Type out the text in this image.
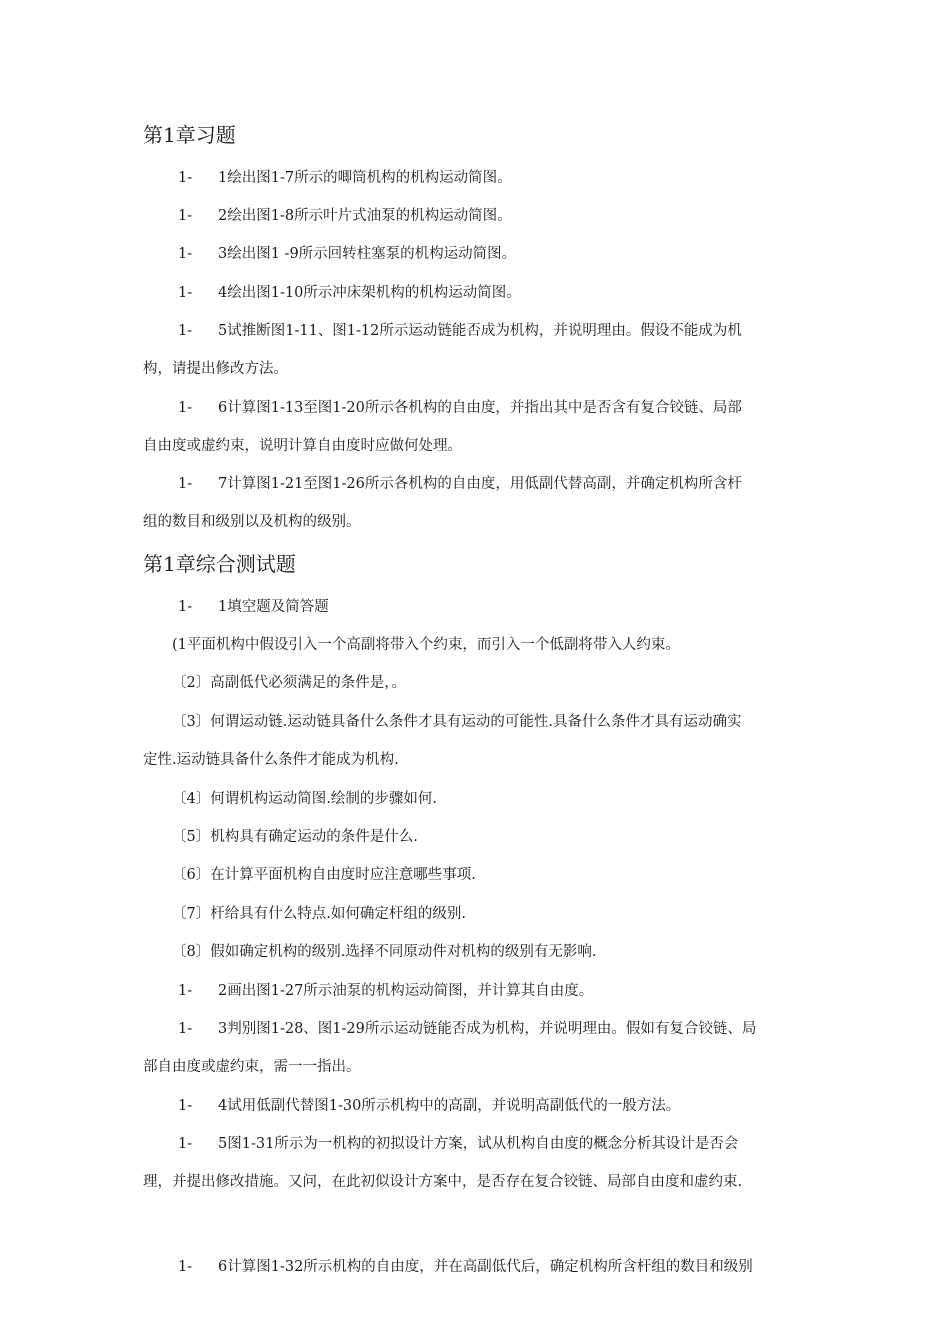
第1章习题
1- 1绘出图1-7所示的唧筒机构的机构运动简图。
1- 2绘出图1-8所示叶片式油泵的机构运动简图。
1- 3绘出图1 -9所示回转柱塞泵的机构运动简图。
1- 4绘出图1-10所示冲床架机构的机构运动简图。
1- 5试推断图1-11、图1-12所示运动链能否成为机构，并说明理由。假设不能成为机
构，请提出修改方法。
1- 6计算图1-13至图1-20所示各机构的自由度，并指出其中是否含有复合铰链、局部
自由度或虚约束，说明计算自由度时应做何处理。
1- 7计算图1-21至图1-26所示各机构的自由度，用低副代替高副，并确定机构所含杆
组的数目和级别以及机构的级别。
第1章综合测试题
1- 1填空题及简答题
(1平面机构中假设引入一个高副将带入个约束，而引入一个低副将带入人约束。
〔2〕高副低代必须满足的条件是，。
〔3〕何谓运动链.运动链具备什么条件才具有运动的可能性.具备什么条件才具有运动确实
定性.运动链具备什么条件才能成为机构.
〔4〕何谓机构运动简图.绘制的步骤如何.
〔5〕机构具有确定运动的条件是什么.
〔6〕在计算平面机构自由度时应注意哪些事项.
〔7〕杆给具有什么特点.如何确定杆组的级别.
〔8〕假如确定机构的级别.选择不同原动件对机构的级别有无影响.
1- 2画出图1-27所示油泵的机构运动简图，并计算其自由度。
1- 3判别图1-28、图1-29所示运动链能否成为机构，并说明理由。假如有复合铰链、局
部自由度或虚约束，需一一指出。
1- 4试用低副代替图1-30所示机构中的高副，并说明高副低代的一般方法。
1- 5图1-31所示为一机构的初拟设计方案，试从机构自由度的概念分析其设计是否会
理，并提出修改措施。又问，在此初似设计方案中，是否存在复合铰链、局部自由度和虚约束.
1- 6计算图1-32所示机构的自由度，并在高副低代后，确定机构所含杆组的数目和级别
